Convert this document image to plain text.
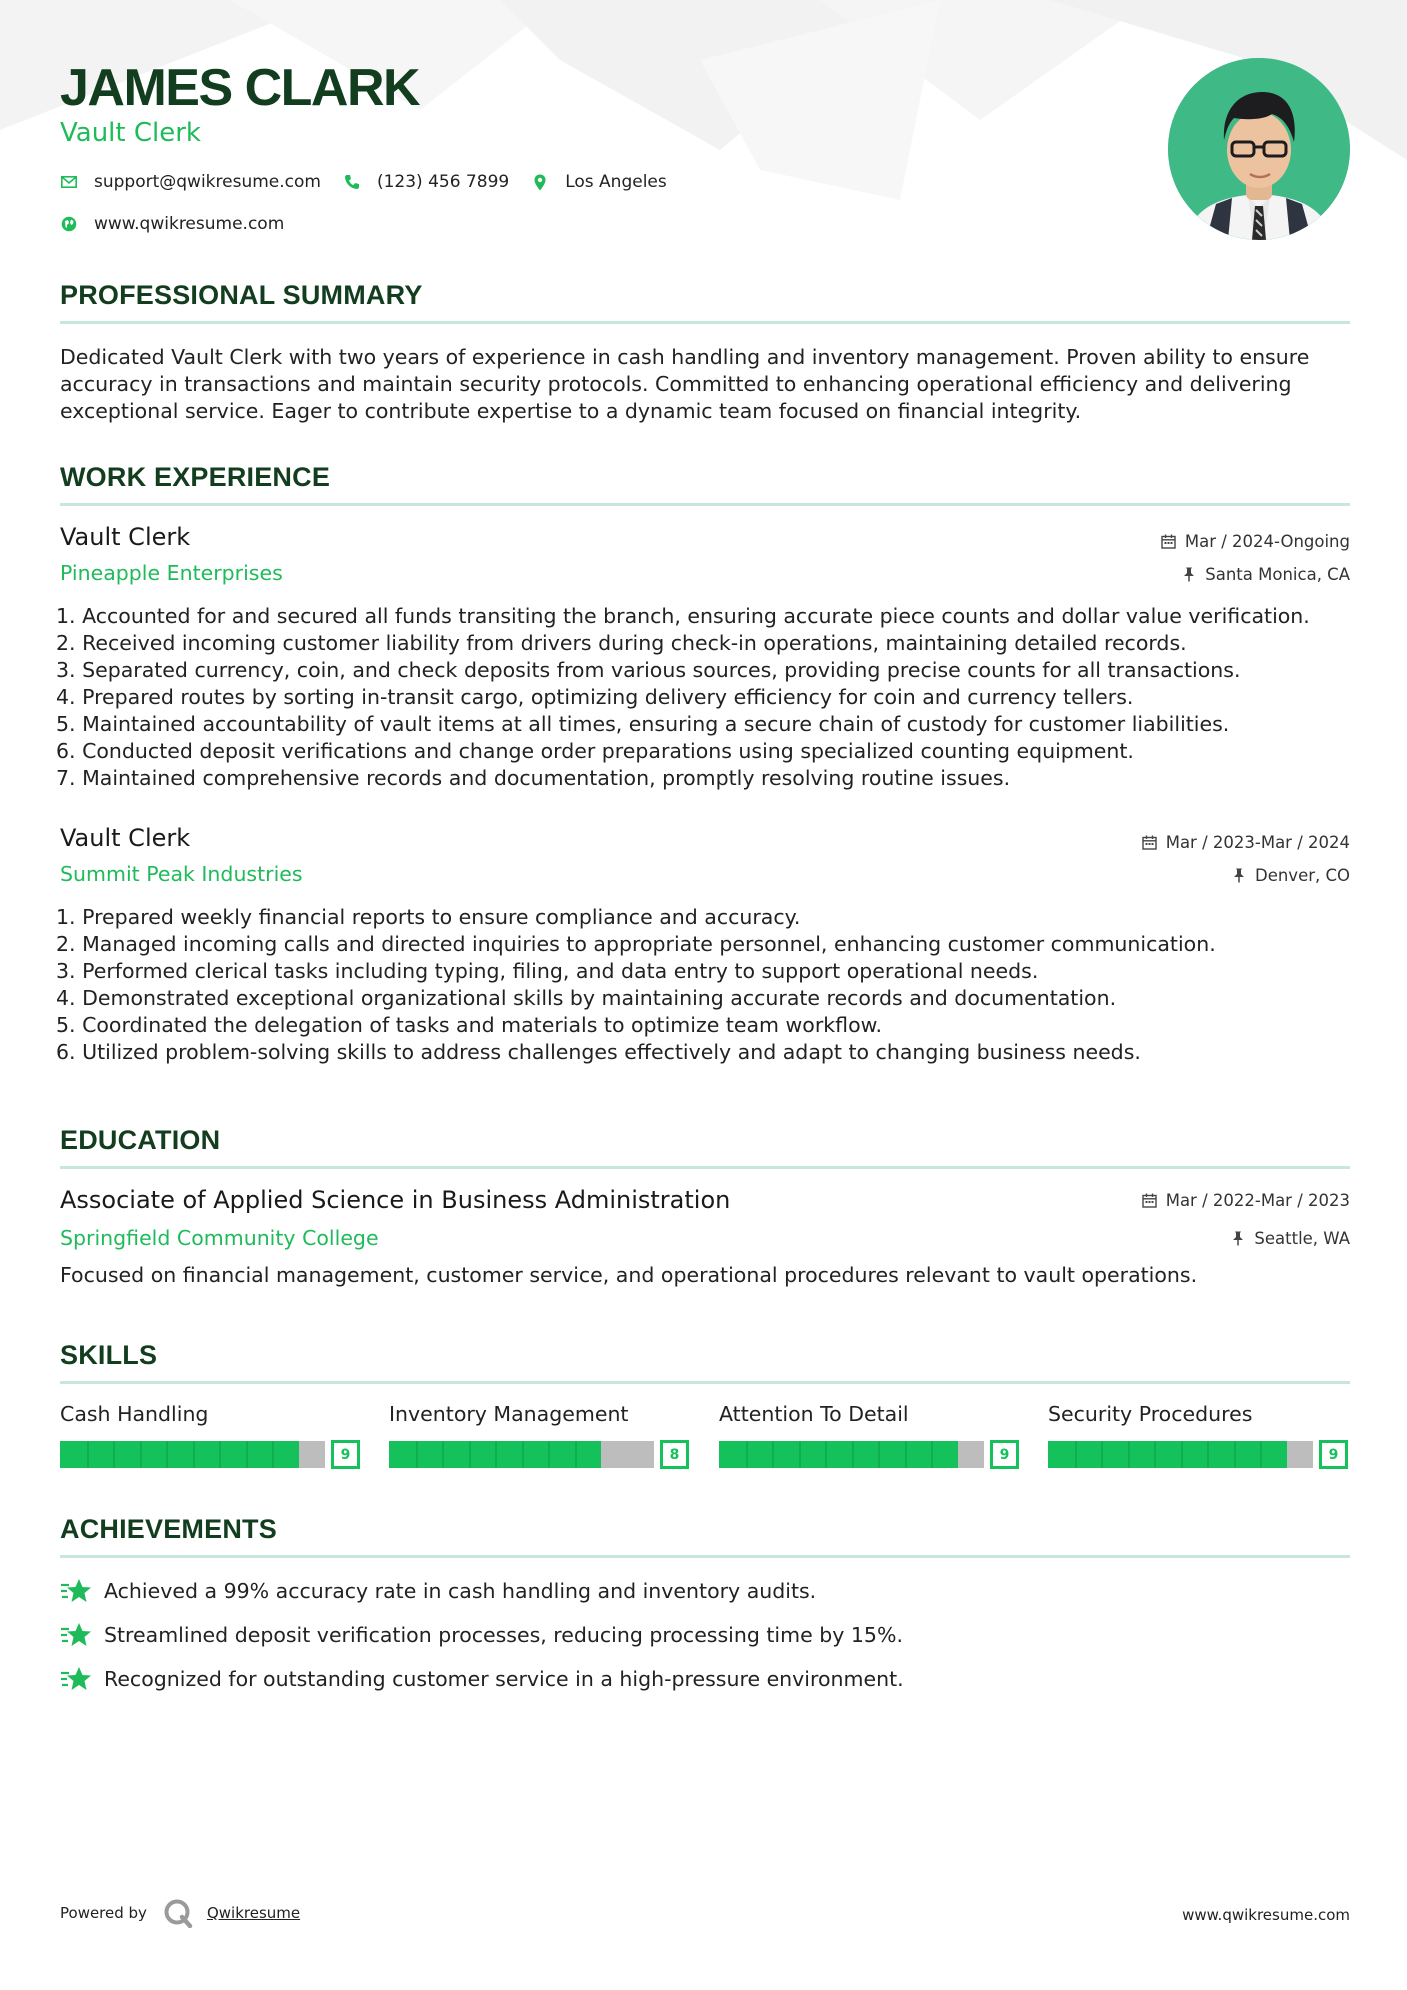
JAMES CLARK
Vault Clerk
support@qwikresume.com	(123) 456 7899	Los Angeles
www.qwikresume.com
PROFESSIONAL SUMMARY
Dedicated Vault Clerk with two years of experience in cash handling and inventory management. Proven ability to ensure accuracy in transactions and maintain security protocols. Committed to enhancing operational efficiency and delivering exceptional service. Eager to contribute expertise to a dynamic team focused on financial integrity.
WORK EXPERIENCE
Vault Clerk	Mar / 2024-Ongoing
Pineapple Enterprises	Santa Monica, CA
1. Accounted for and secured all funds transiting the branch, ensuring accurate piece counts and dollar value verification.
2. Received incoming customer liability from drivers during check-in operations, maintaining detailed records.
3. Separated currency, coin, and check deposits from various sources, providing precise counts for all transactions.
4. Prepared routes by sorting in-transit cargo, optimizing delivery efficiency for coin and currency tellers.
5. Maintained accountability of vault items at all times, ensuring a secure chain of custody for customer liabilities.
6. Conducted deposit verifications and change order preparations using specialized counting equipment.
7. Maintained comprehensive records and documentation, promptly resolving routine issues.
Vault Clerk	Mar / 2023-Mar / 2024
Summit Peak Industries	Denver, CO
1. Prepared weekly financial reports to ensure compliance and accuracy.
2. Managed incoming calls and directed inquiries to appropriate personnel, enhancing customer communication.
3. Performed clerical tasks including typing, filing, and data entry to support operational needs.
4. Demonstrated exceptional organizational skills by maintaining accurate records and documentation.
5. Coordinated the delegation of tasks and materials to optimize team workflow.
6. Utilized problem-solving skills to address challenges effectively and adapt to changing business needs.
EDUCATION
Associate of Applied Science in Business Administration	Mar / 2022-Mar / 2023
Springfield Community College	Seattle, WA
Focused on financial management, customer service, and operational procedures relevant to vault operations.
SKILLS
Cash Handling
9
Inventory Management
8
Attention To Detail
9
Security Procedures
9
ACHIEVEMENTS
Achieved a 99% accuracy rate in cash handling and inventory audits.
Streamlined deposit verification processes, reducing processing time by 15%.
Recognized for outstanding customer service in a high-pressure environment.
Powered by	Qwikresume	www.qwikresume.com
